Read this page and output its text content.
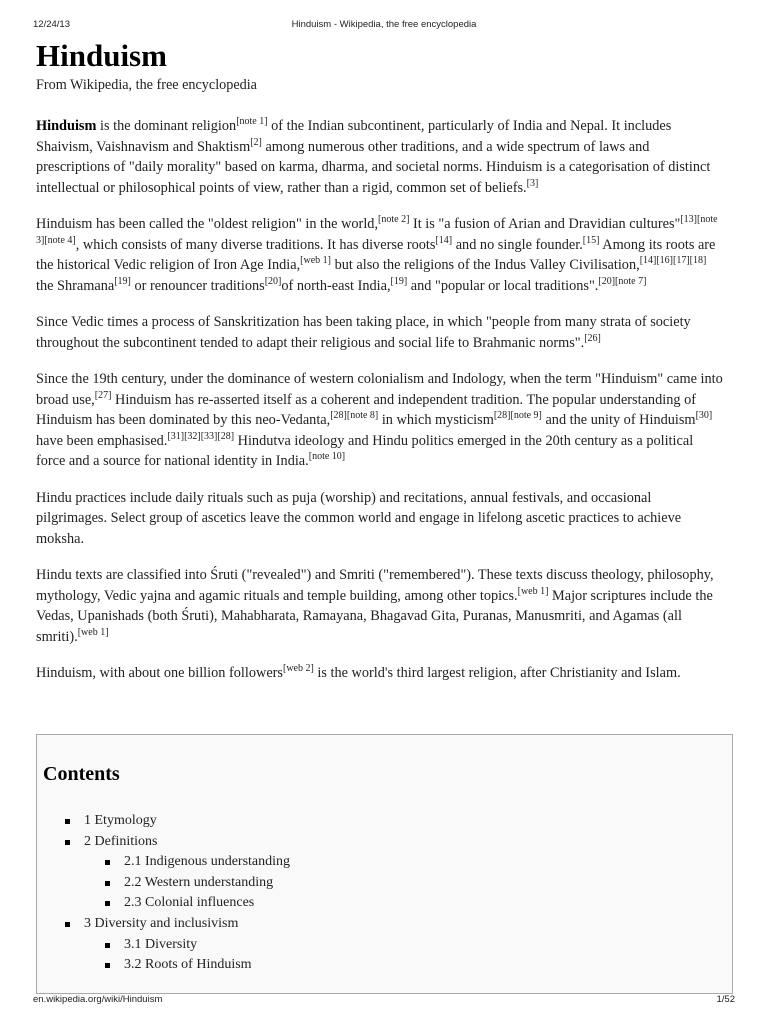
12/24/13	Hinduism - Wikipedia, the free encyclopedia
Hinduism
From Wikipedia, the free encyclopedia

Hinduism is the dominant religion[note 1] of the Indian subcontinent, particularly of India and Nepal. It includes Shaivism, Vaishnavism and Shaktism[2] among numerous other traditions, and a wide spectrum of laws and prescriptions of "daily morality" based on karma, dharma, and societal norms. Hinduism is a categorisation of distinct intellectual or philosophical points of view, rather than a rigid, common set of beliefs.[3]

Hinduism has been called the "oldest religion" in the world,[note 2] It is "a fusion of Arian and Dravidian cultures"[13][note 3][note 4], which consists of many diverse traditions. It has diverse roots[14] and no single founder.[15] Among its roots are the historical Vedic religion of Iron Age India,[web 1] but also the religions of the Indus Valley Civilisation,[14][16][17][18] the Shramana[19] or renouncer traditions[20]of north-east India,[19] and "popular or local traditions".[20][note 7]

Since Vedic times a process of Sanskritization has been taking place, in which "people from many strata of society throughout the subcontinent tended to adapt their religious and social life to Brahmanic norms".[26]

Since the 19th century, under the dominance of western colonialism and Indology, when the term "Hinduism" came into broad use,[27] Hinduism has re-asserted itself as a coherent and independent tradition. The popular understanding of Hinduism has been dominated by this neo-Vedanta,[28][note 8] in which mysticism[28][note 9] and the unity of Hinduism[30] have been emphasised.[31][32][33][28] Hindutva ideology and Hindu politics emerged in the 20th century as a political force and a source for national identity in India.[note 10]

Hindu practices include daily rituals such as puja (worship) and recitations, annual festivals, and occasional pilgrimages. Select group of ascetics leave the common world and engage in lifelong ascetic practices to achieve moksha.

Hindu texts are classified into Śruti ("revealed") and Smriti ("remembered"). These texts discuss theology, philosophy, mythology, Vedic yajna and agamic rituals and temple building, among other topics.[web 1] Major scriptures include the Vedas, Upanishads (both Śruti), Mahabharata, Ramayana, Bhagavad Gita, Puranas, Manusmriti, and Agamas (all smriti).[web 1]

Hinduism, with about one billion followers[web 2] is the world's third largest religion, after Christianity and Islam.

Contents
1 Etymology
2 Definitions
2.1 Indigenous understanding
2.2 Western understanding
2.3 Colonial influences
3 Diversity and inclusivism
3.1 Diversity
3.2 Roots of Hinduism
en.wikipedia.org/wiki/Hinduism	1/52
